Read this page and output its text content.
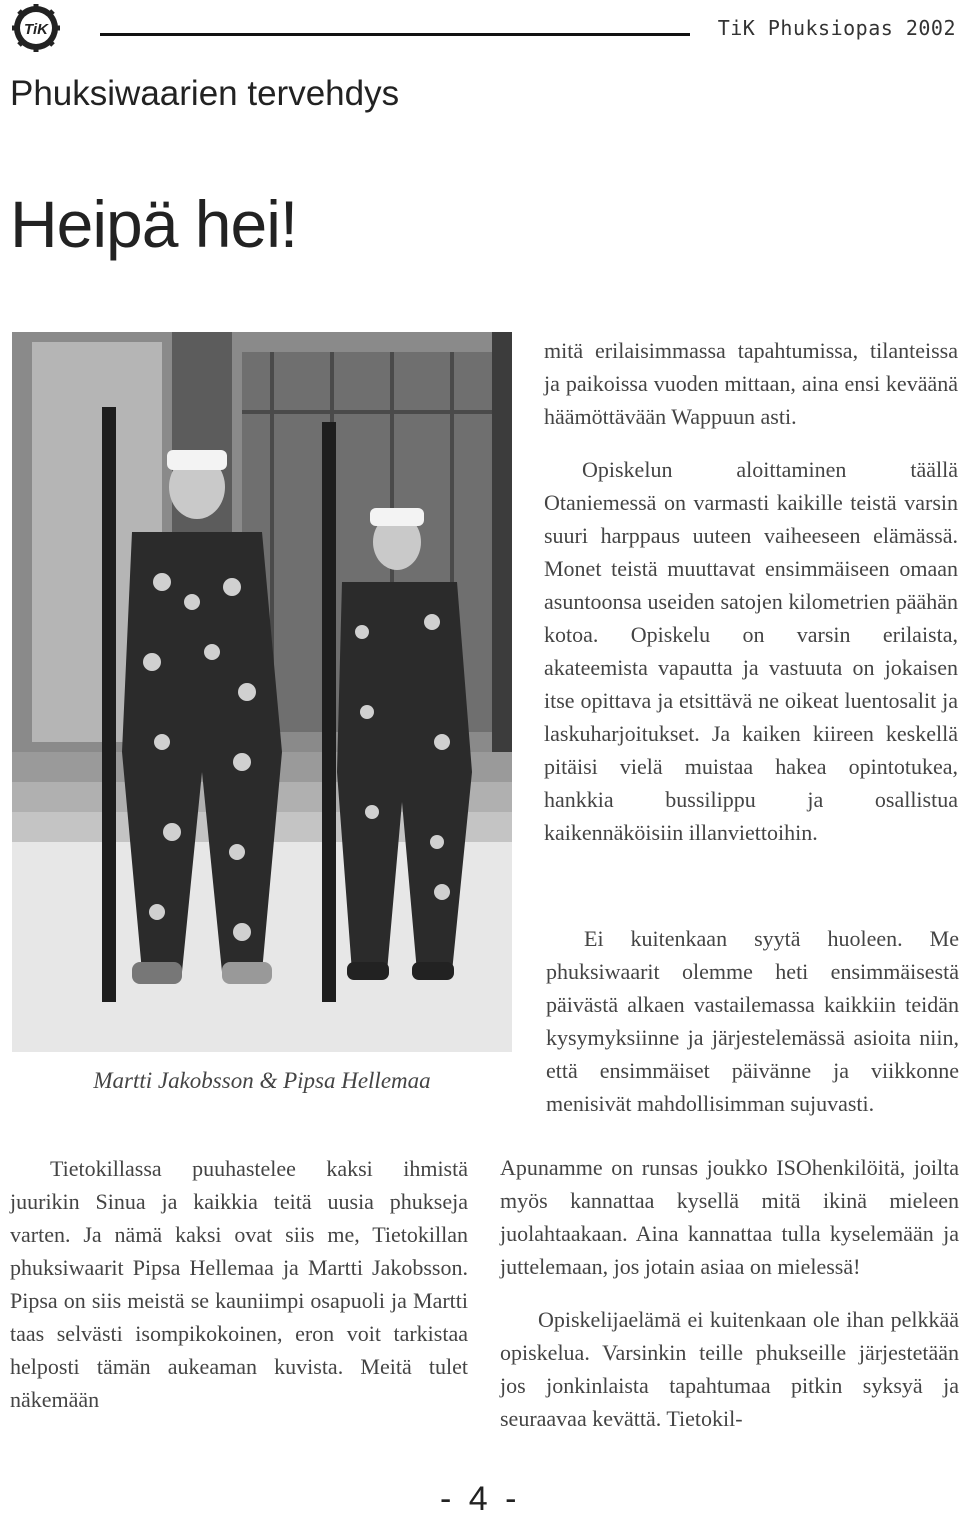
TiK	TiK Phuksiopas 2002
Phuksiwaarien tervehdys
Heipä hei!
Martti Jakobsson & Pipsa Hellemaa

Tietokillassa puuhastelee kaksi ihmistä juurikin Sinua ja kaikkia teitä uusia phukseja varten. Ja nämä kaksi ovat siis me, Tietokillan phuksiwaarit Pipsa Hellemaa ja Martti Jakobsson. Pipsa on siis meistä se kauniimpi osapuoli ja Martti taas selvästi isompikokoinen, eron voit tarkistaa helposti tämän aukeaman kuvista. Meitä tulet näkemään

mitä erilaisimmassa tapahtumissa, tilanteissa ja paikoissa vuoden mittaan, aina ensi keväänä häämöttävään Wappuun asti.

Opiskelun aloittaminen täällä Otaniemessä on varmasti kaikille teistä varsin suuri harppaus uuteen vaiheeseen elämässä. Monet teistä muuttavat ensimmäiseen omaan asuntoonsa useiden satojen kilometrien päähän kotoa. Opiskelu on varsin erilaista, akateemista vapautta ja vastuuta on jokaisen itse opittava ja etsittävä ne oikeat luentosalit ja laskuharjoitukset. Ja kaiken kiireen keskellä pitäisi vielä muistaa hakea opintotukea, hankkia bussilippu ja osallistua kaikennäköisiin illanviettoihin.

Ei kuitenkaan syytä huoleen. Me phuksiwaarit olemme heti ensimmäisestä päivästä alkaen vastailemassa kaikkiin teidän kysymyksiinne ja järjestelemässä asioita niin, että ensimmäiset päivänne ja viikkonne menisivät mahdollisimman sujuvasti.

Apunamme on runsas joukko ISOhenkilöitä, joilta myös kannattaa kysellä mitä ikinä mieleen juolahtaakaan. Aina kannattaa tulla kyselemään ja juttelemaan, jos jotain asiaa on mielessä!

Opiskelijaelämä ei kuitenkaan ole ihan pelkkää opiskelua. Varsinkin teille phukseille järjestetään jos jonkinlaista tapahtumaa pitkin syksyä ja seuraavaa kevättä. Tietokil-

- 4 -
